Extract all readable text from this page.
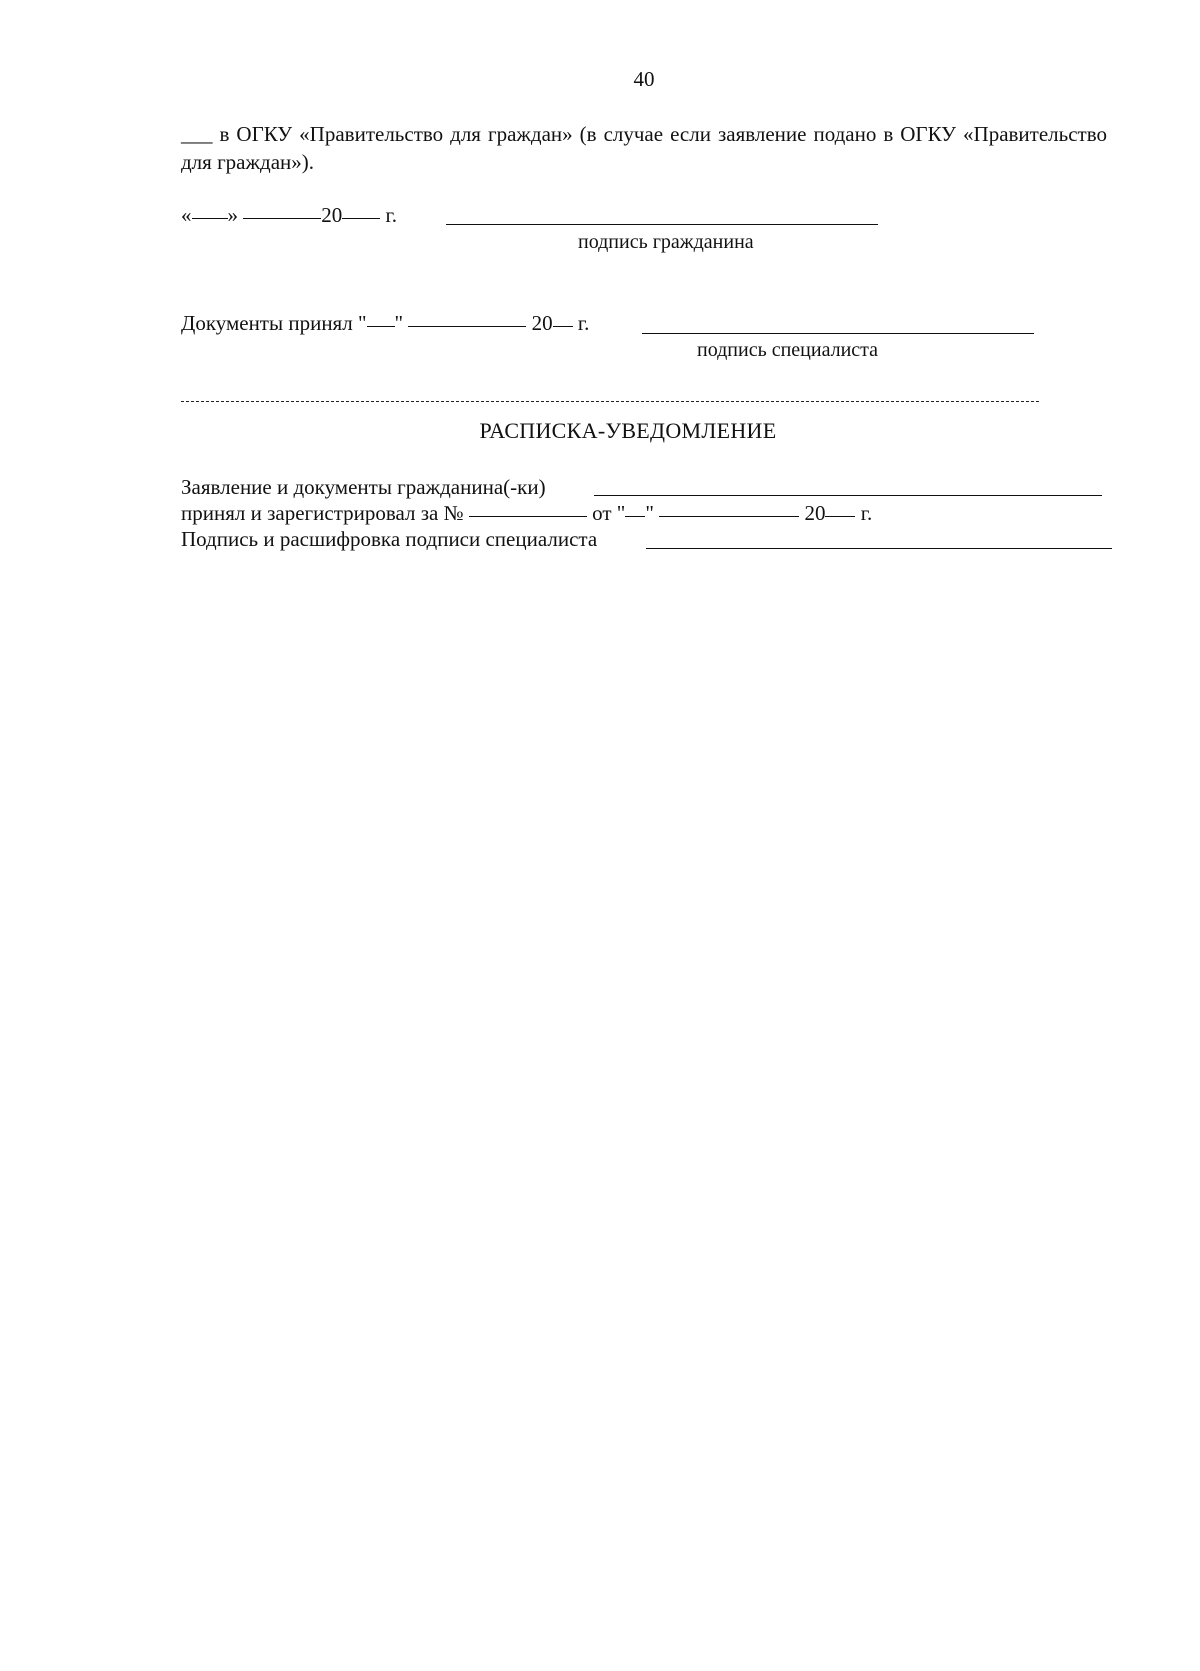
40
___ в ОГКУ «Правительство для граждан» (в случае если заявление подано в ОГКУ «Правительство для граждан»).
« »	20 г.
подпись гражданина
Документы принял " "	20 г.
подпись специалиста
РАСПИСКА-УВЕДОМЛЕНИЕ
Заявление и документы гражданина(-ки)
принял и зарегистрировал за №	от " "	20 г.
Подпись и расшифровка подписи специалиста
